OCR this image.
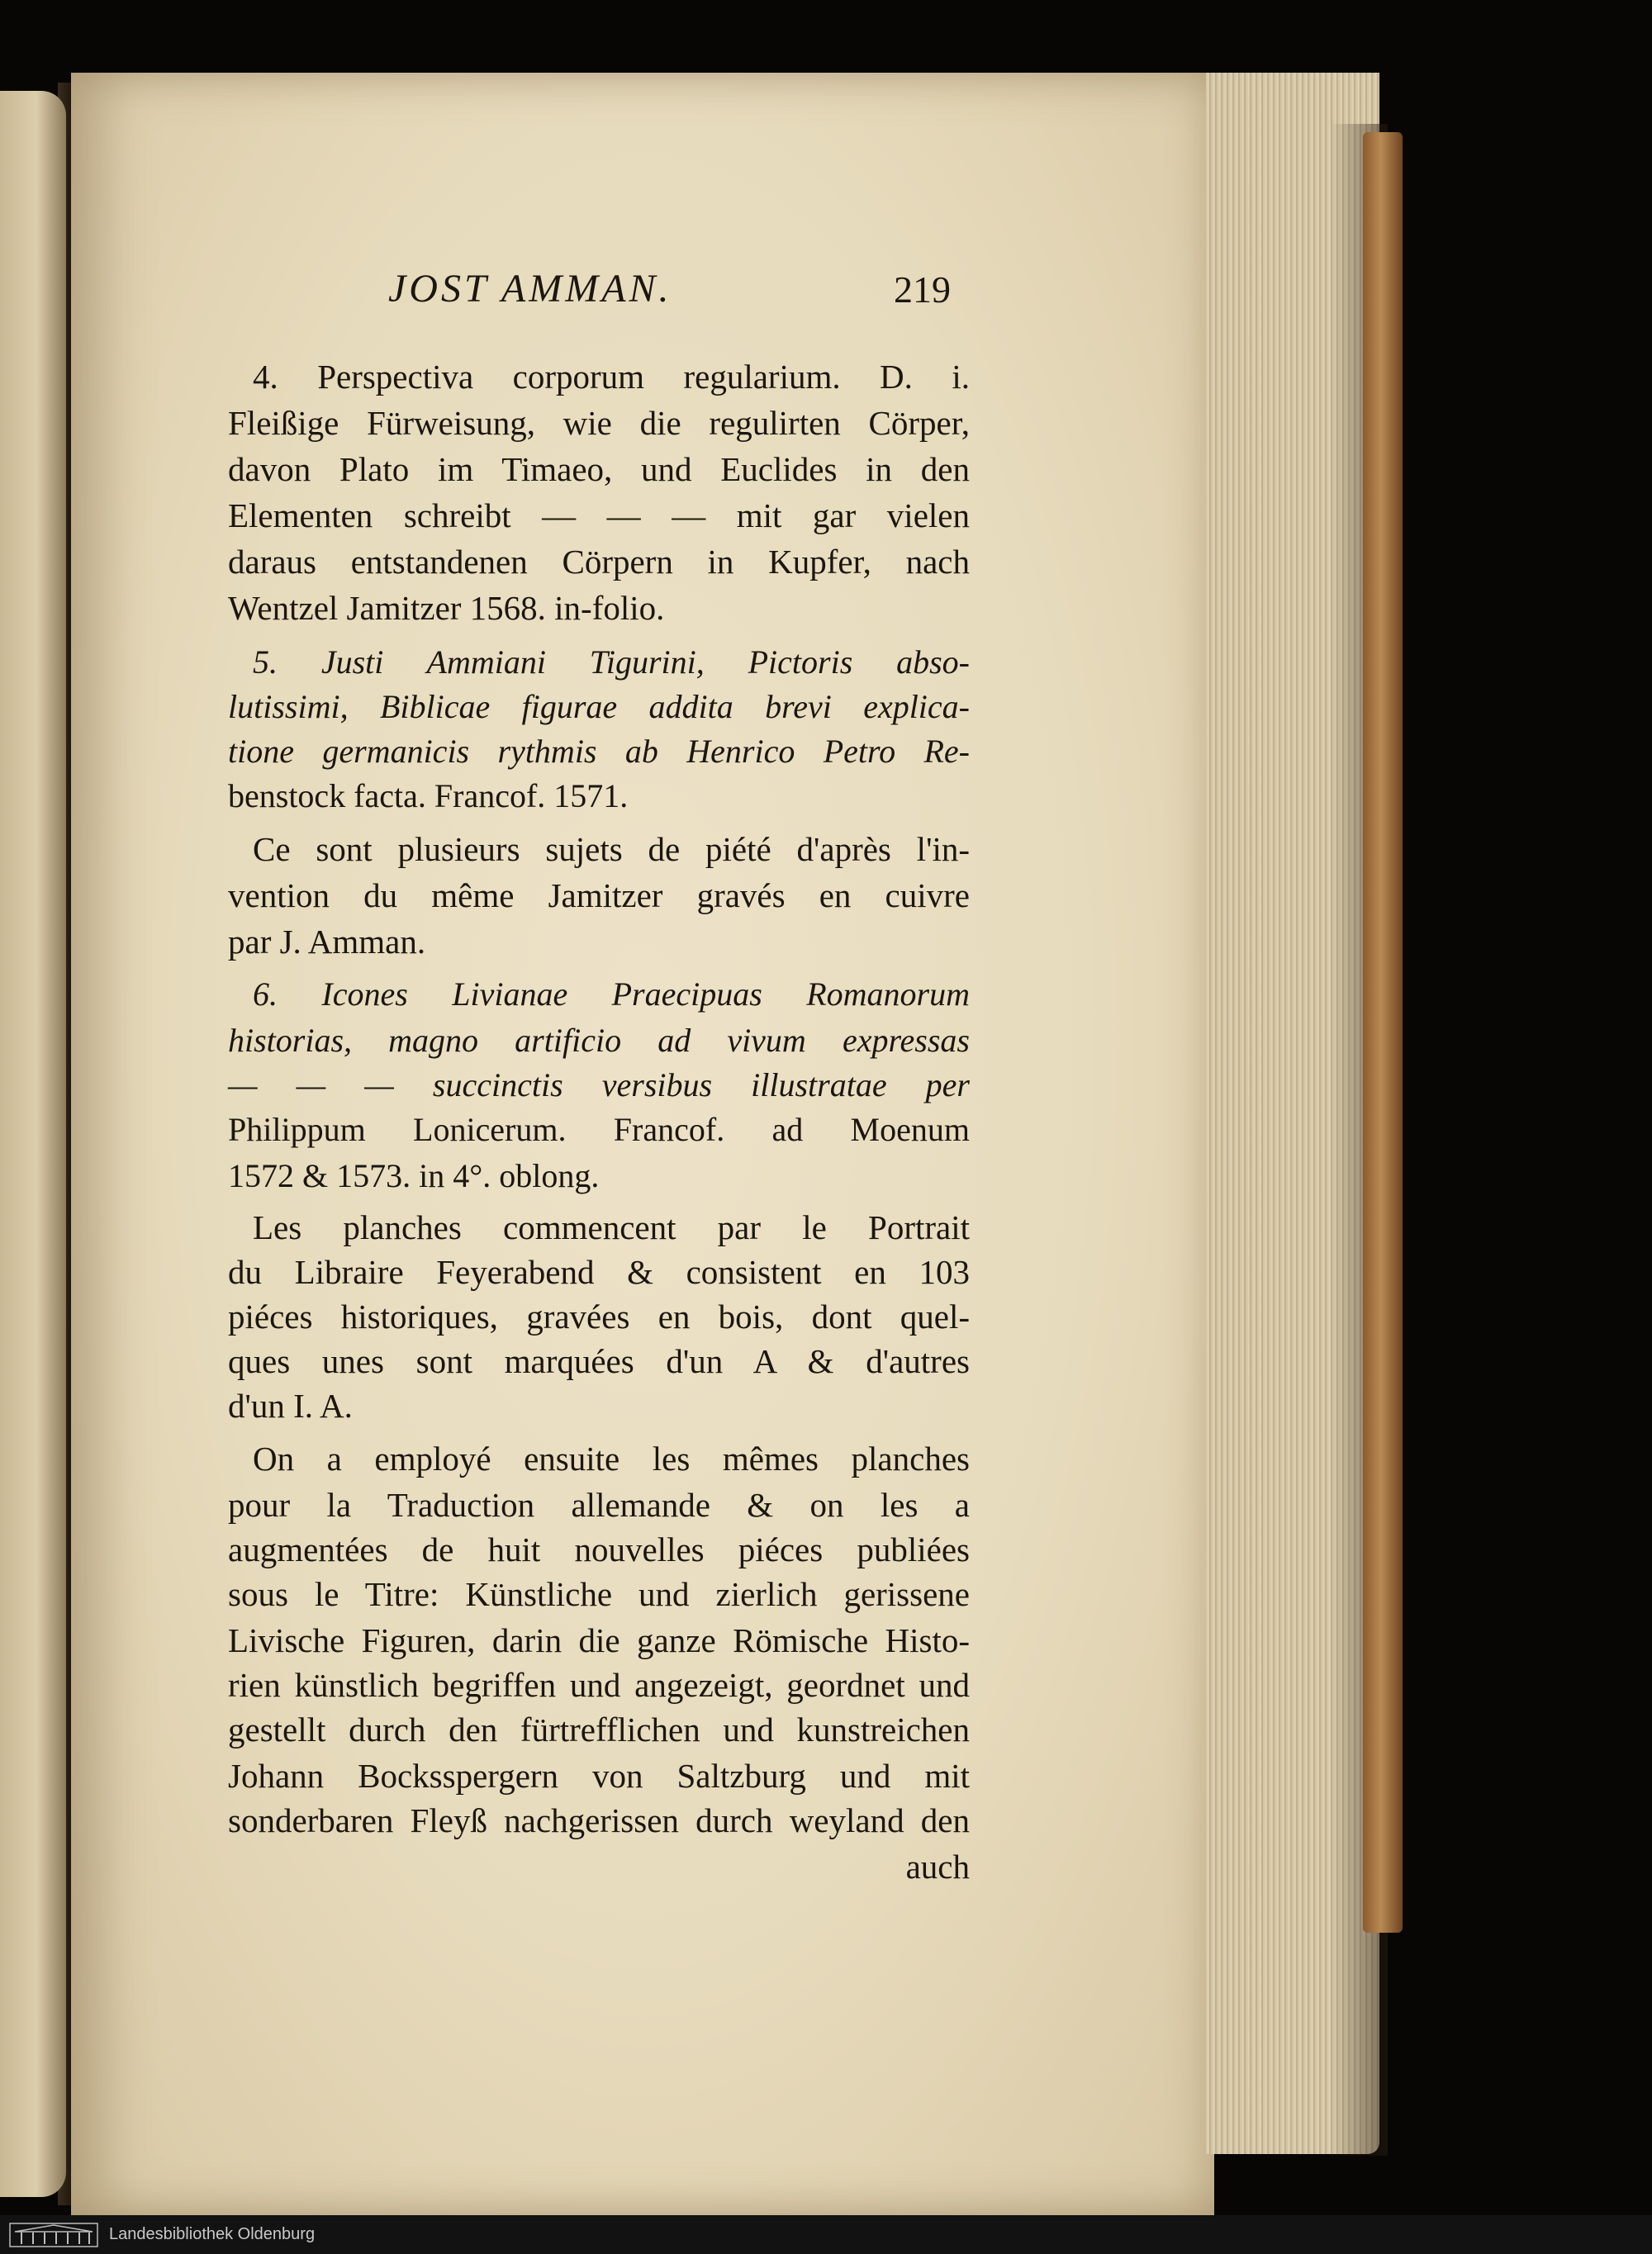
JOST AMMAN.	219
4. Perspectiva corporum regularium. D. i.
Fleißige Fürweisung, wie die regulirten Cörper,
davon Plato im Timaeo, und Euclides in den
Elementen schreibt — — — mit gar vielen
daraus entstandenen Cörpern in Kupfer, nach
Wentzel Jamitzer 1568. in-folio.
5. Justi Ammiani Tigurini, Pictoris abso-
lutissimi, Biblicae figurae addita brevi explica-
tione germanicis rythmis ab Henrico Petro Re-
benstock facta. Francof. 1571.
Ce sont plusieurs sujets de piété d'après l'in-
vention du même Jamitzer gravés en cuivre
par J. Amman.
6. Icones Livianae Praecipuas Romanorum
historias, magno artificio ad vivum expressas
— — — succinctis versibus illustratae per
Philippum Lonicerum. Francof. ad Moenum
1572 & 1573. in 4°. oblong.
Les planches commencent par le Portrait
du Libraire Feyerabend & consistent en 103
piéces historiques, gravées en bois, dont quel-
ques unes sont marquées d'un A & d'autres
d'un I. A.
On a employé ensuite les mêmes planches
pour la Traduction allemande & on les a
augmentées de huit nouvelles piéces publiées
sous le Titre: Künstliche und zierlich gerissene
Livische Figuren, darin die ganze Römische Histo-
rien künstlich begriffen und angezeigt, geordnet und
gestellt durch den fürtrefflichen und kunstreichen
Johann Bocksspergern von Saltzburg und mit
sonderbaren Fleyß nachgerissen durch weyland den
auch
Landesbibliothek Oldenburg
